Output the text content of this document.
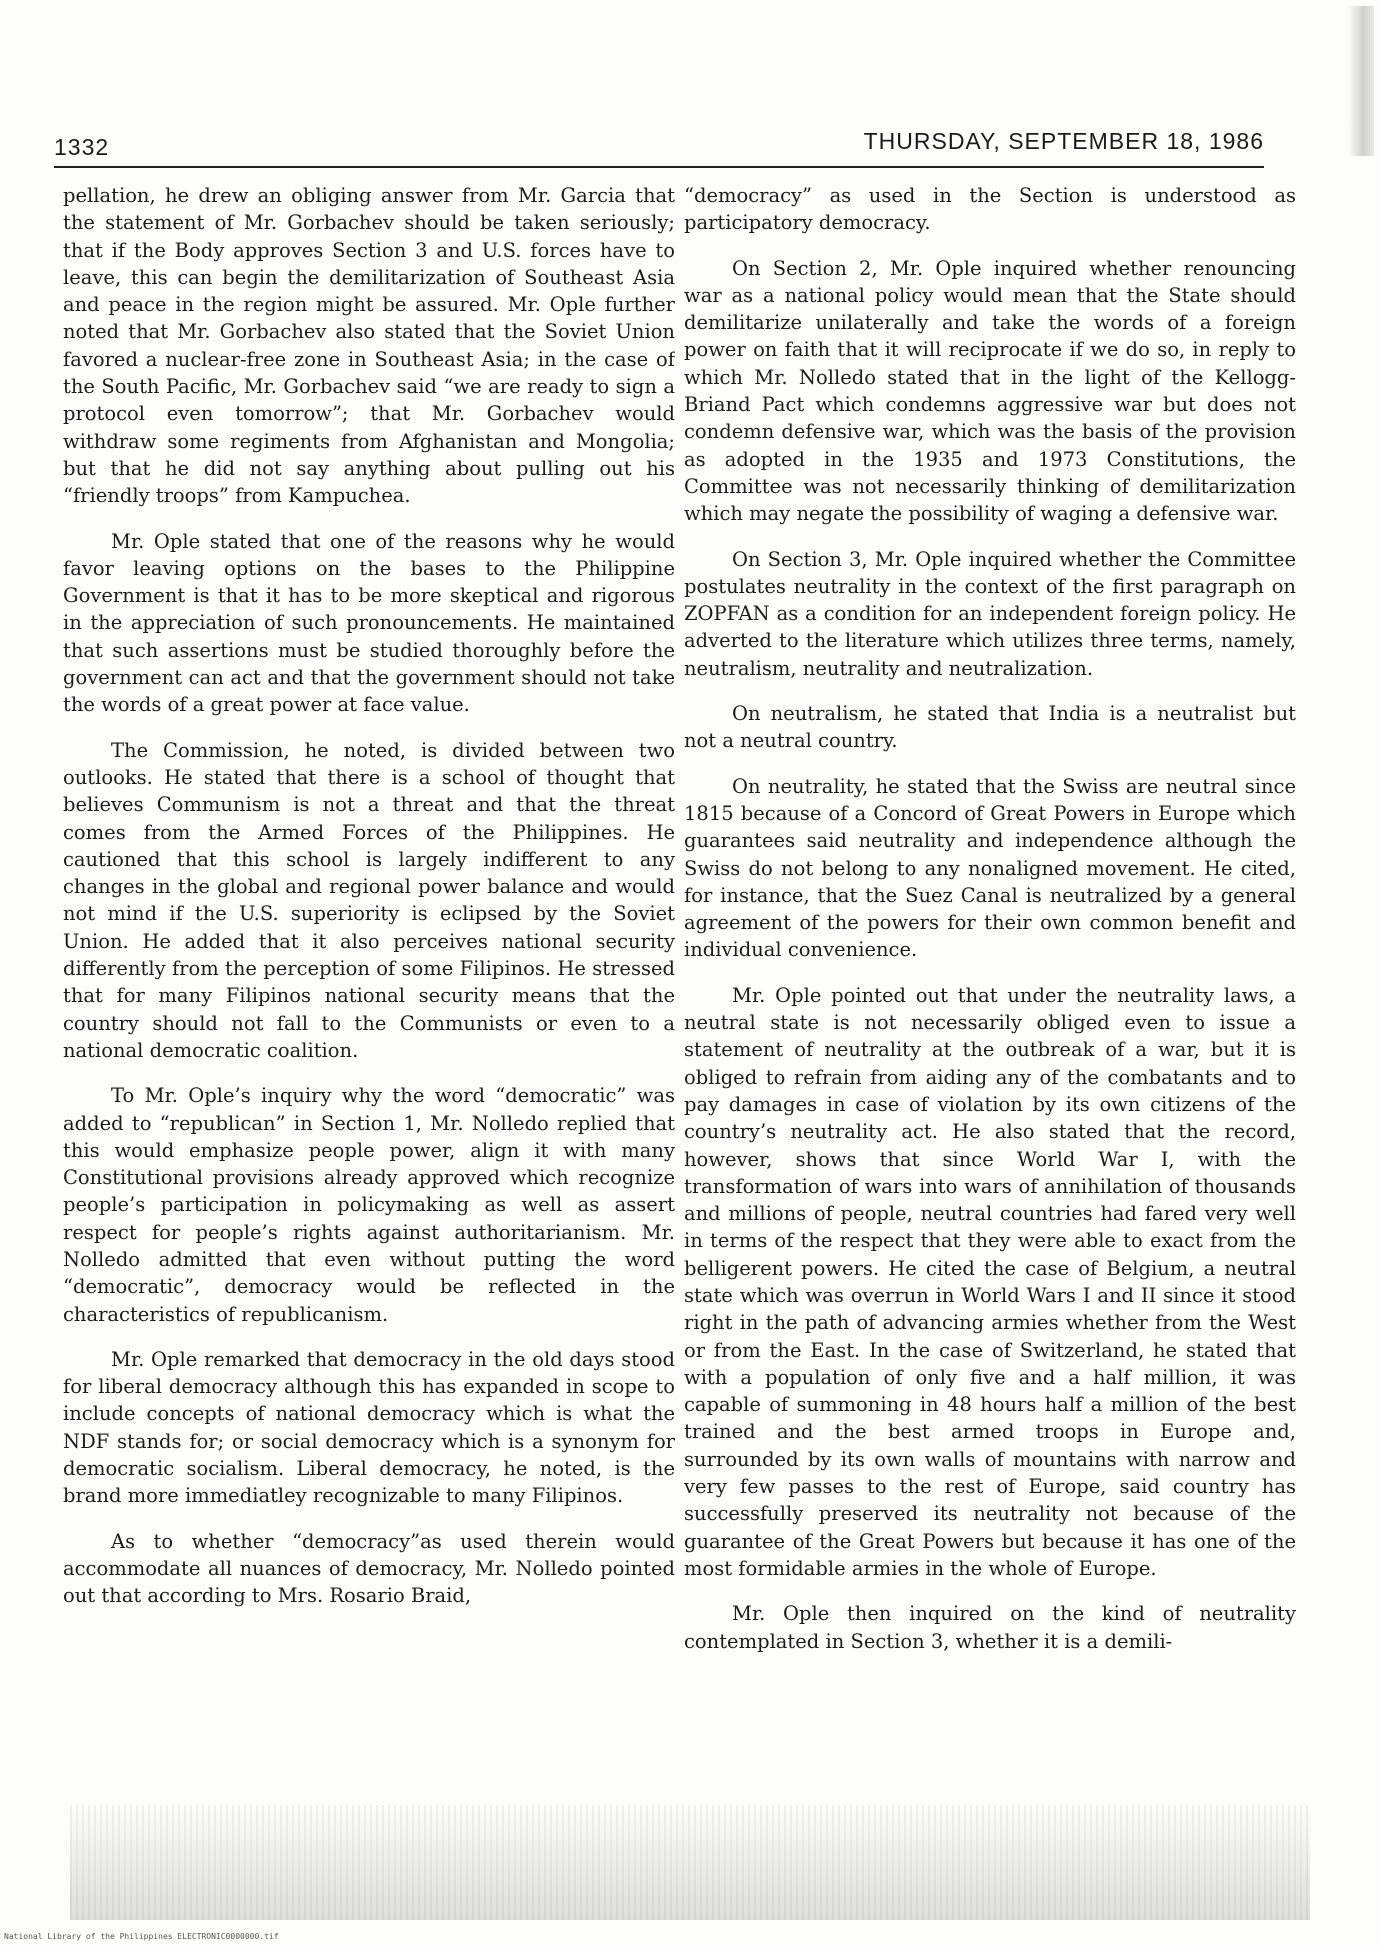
1332	THURSDAY, SEPTEMBER 18, 1986

pellation, he drew an obliging answer from Mr. Garcia that the statement of Mr. Gorbachev should be taken seriously; that if the Body approves Section 3 and U.S. forces have to leave, this can begin the demilitarization of Southeast Asia and peace in the region might be assured. Mr. Ople further noted that Mr. Gorbachev also stated that the Soviet Union favored a nuclear-free zone in Southeast Asia; in the case of the South Pacific, Mr. Gorbachev said “we are ready to sign a protocol even tomorrow”; that Mr. Gorbachev would withdraw some regiments from Afghanistan and Mongolia; but that he did not say anything about pulling out his “friendly troops” from Kampuchea.

Mr. Ople stated that one of the reasons why he would favor leaving options on the bases to the Philippine Government is that it has to be more skeptical and rigorous in the appreciation of such pronouncements. He maintained that such assertions must be studied thoroughly before the government can act and that the government should not take the words of a great power at face value.

The Commission, he noted, is divided between two outlooks. He stated that there is a school of thought that believes Communism is not a threat and that the threat comes from the Armed Forces of the Philippines. He cautioned that this school is largely indifferent to any changes in the global and regional power balance and would not mind if the U.S. superiority is eclipsed by the Soviet Union. He added that it also perceives national security differently from the perception of some Filipinos. He stressed that for many Filipinos national security means that the country should not fall to the Communists or even to a national democratic coalition.

To Mr. Ople’s inquiry why the word “democratic” was added to “republican” in Section 1, Mr. Nolledo replied that this would emphasize people power, align it with many Constitutional provisions already approved which recognize people’s participation in policymaking as well as assert respect for people’s rights against authoritarianism. Mr. Nolledo admitted that even without putting the word “democratic”, democracy would be reflected in the characteristics of republicanism.

Mr. Ople remarked that democracy in the old days stood for liberal democracy although this has expanded in scope to include concepts of national democracy which is what the NDF stands for; or social democracy which is a synonym for democratic socialism. Liberal democracy, he noted, is the brand more immediatley recognizable to many Filipinos.

As to whether “democracy”as used therein would accommodate all nuances of democracy, Mr. Nolledo pointed out that according to Mrs. Rosario Braid,

“democracy” as used in the Section is understood as participatory democracy.

On Section 2, Mr. Ople inquired whether renouncing war as a national policy would mean that the State should demilitarize unilaterally and take the words of a foreign power on faith that it will reciprocate if we do so, in reply to which Mr. Nolledo stated that in the light of the Kellogg-Briand Pact which condemns aggressive war but does not condemn defensive war, which was the basis of the provision as adopted in the 1935 and 1973 Constitutions, the Committee was not necessarily thinking of demilitarization which may negate the possibility of waging a defensive war.

On Section 3, Mr. Ople inquired whether the Committee postulates neutrality in the context of the first paragraph on ZOPFAN as a condition for an independent foreign policy. He adverted to the literature which utilizes three terms, namely, neutralism, neutrality and neutralization.

On neutralism, he stated that India is a neutralist but not a neutral country.

On neutrality, he stated that the Swiss are neutral since 1815 because of a Concord of Great Powers in Europe which guarantees said neutrality and independence although the Swiss do not belong to any nonaligned movement. He cited, for instance, that the Suez Canal is neutralized by a general agreement of the powers for their own common benefit and individual convenience.

Mr. Ople pointed out that under the neutrality laws, a neutral state is not necessarily obliged even to issue a statement of neutrality at the outbreak of a war, but it is obliged to refrain from aiding any of the combatants and to pay damages in case of violation by its own citizens of the country’s neutrality act. He also stated that the record, however, shows that since World War I, with the transformation of wars into wars of annihilation of thousands and millions of people, neutral countries had fared very well in terms of the respect that they were able to exact from the belligerent powers. He cited the case of Belgium, a neutral state which was overrun in World Wars I and II since it stood right in the path of advancing armies whether from the West or from the East. In the case of Switzerland, he stated that with a population of only five and a half million, it was capable of summoning in 48 hours half a million of the best trained and the best armed troops in Europe and, surrounded by its own walls of mountains with narrow and very few passes to the rest of Europe, said country has successfully preserved its neutrality not because of the guarantee of the Great Powers but because it has one of the most formidable armies in the whole of Europe.

Mr. Ople then inquired on the kind of neutrality contemplated in Section 3, whether it is a demili-

National Library of the Philippines ELECTRONIC0000000.tif
